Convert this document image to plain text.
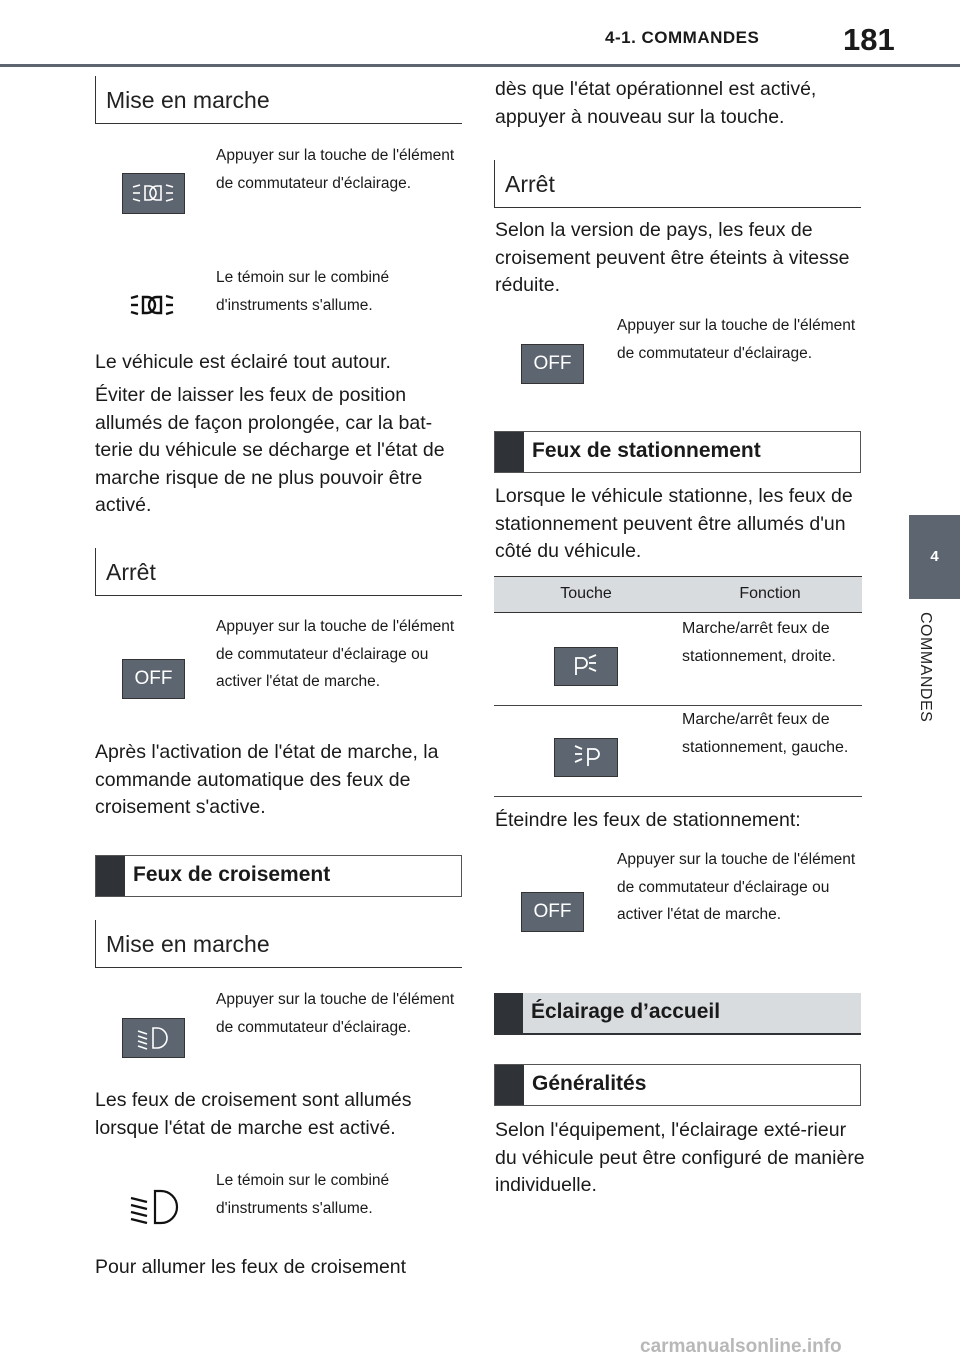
4-1. COMMANDES	181
4
COMMANDES
Mise en marche
Appuyer sur la touche de l'élément de commutateur d'éclairage.
Le témoin sur le combiné d'instruments s'allume.
Le véhicule est éclairé tout autour.
Éviter de laisser les feux de position allumés de façon prolongée, car la bat-terie du véhicule se décharge et l'état de marche risque de ne plus pouvoir être activé.
Arrêt
OFF
Appuyer sur la touche de l'élément de commutateur d'éclairage ou activer l'état de marche.
Après l'activation de l'état de marche, la commande automatique des feux de croisement s'active.
Feux de croisement
Mise en marche
Appuyer sur la touche de l'élément de commutateur d'éclairage.
Les feux de croisement sont allumés lorsque l'état de marche est activé.
Le témoin sur le combiné d'instruments s'allume.
Pour allumer les feux de croisement
dès que l'état opérationnel est activé, appuyer à nouveau sur la touche.
Arrêt
Selon la version de pays, les feux de croisement peuvent être éteints à vitesse réduite.
OFF
Appuyer sur la touche de l'élément de commutateur d'éclairage.
Feux de stationnement
Lorsque le véhicule stationne, les feux de stationnement peuvent être allumés d'un côté du véhicule.
Touche	Fonction
Marche/arrêt feux de stationnement, droite.
Marche/arrêt feux de stationnement, gauche.
Éteindre les feux de stationnement:
OFF
Appuyer sur la touche de l'élément de commutateur d'éclairage ou activer l'état de marche.
Éclairage d’accueil
Généralités
Selon l'équipement, l'éclairage exté-rieur du véhicule peut être configuré de manière individuelle.
carmanualsonline.info
